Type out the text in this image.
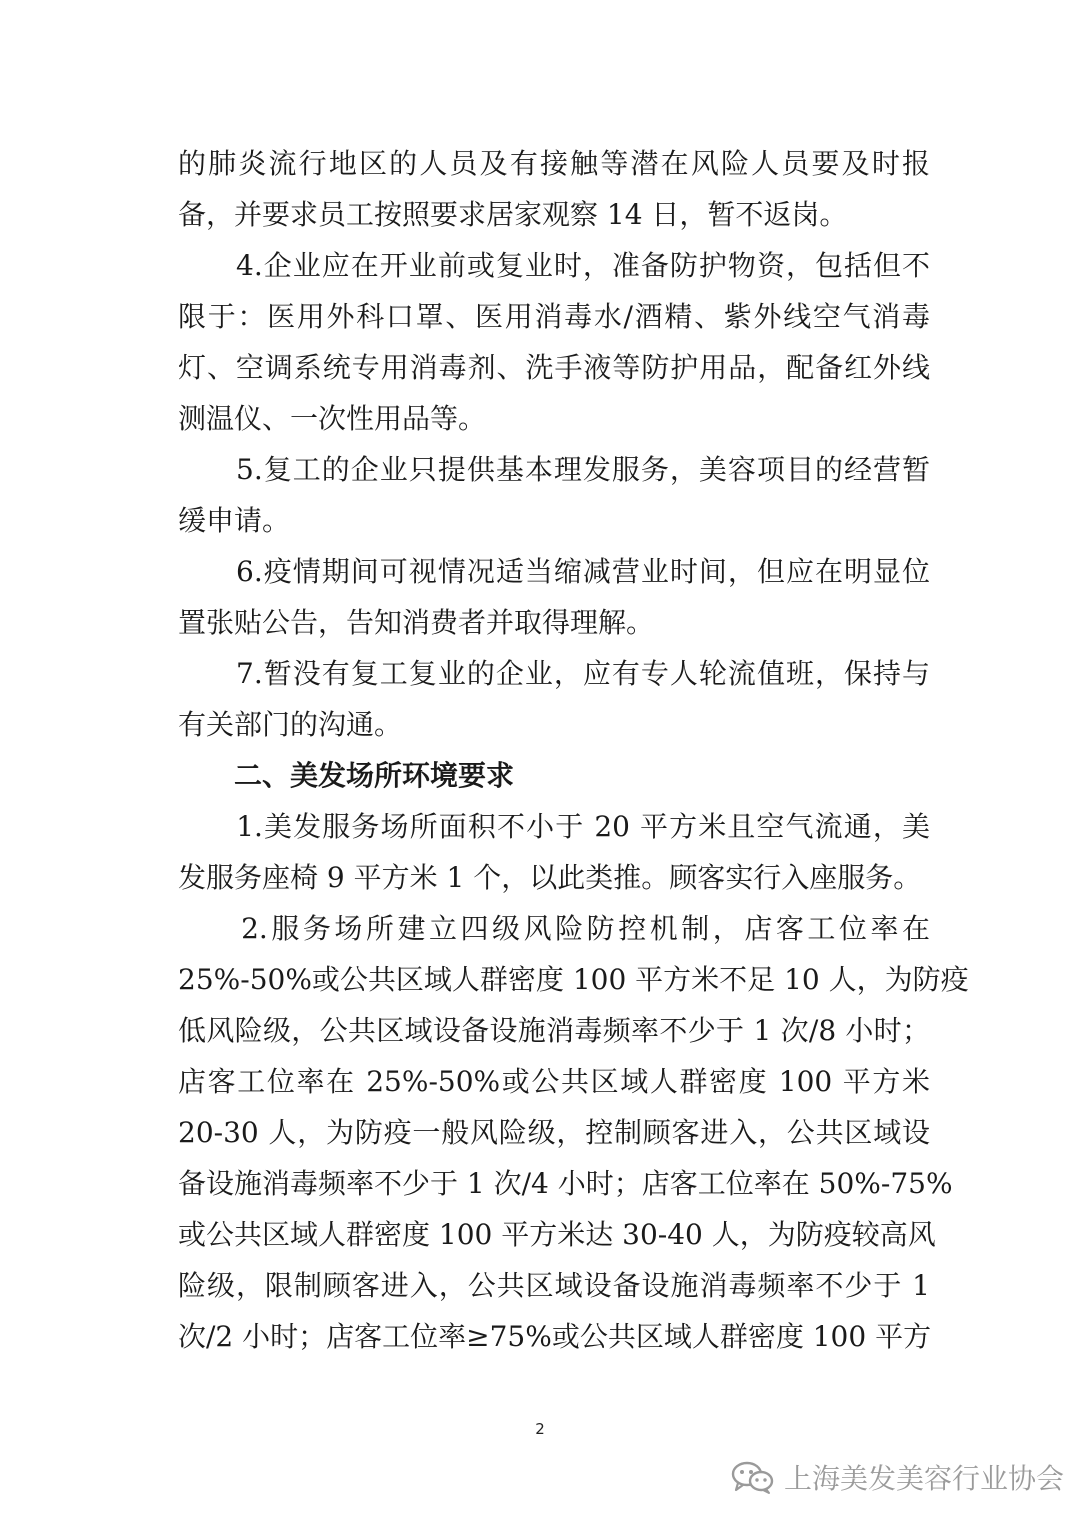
的肺炎流行地区的人员及有接触等潜在风险人员要及时报
备，并要求员工按照要求居家观察 14 日，暂不返岗。
　　4.企业应在开业前或复业时，准备防护物资，包括但不
限于：医用外科口罩、医用消毒水/酒精、紫外线空气消毒
灯、空调系统专用消毒剂、洗手液等防护用品，配备红外线
测温仪、一次性用品等。
　　5.复工的企业只提供基本理发服务，美容项目的经营暂
缓申请。
　　6.疫情期间可视情况适当缩减营业时间，但应在明显位
置张贴公告，告知消费者并取得理解。
　　7.暂没有复工复业的企业，应有专人轮流值班，保持与
有关部门的沟通。
　　二、美发场所环境要求
　　1.美发服务场所面积不小于 20 平方米且空气流通，美
发服务座椅 9 平方米 1 个，以此类推。顾客实行入座服务。
　　2.服务场所建立四级风险防控机制，店客工位率在
25%-50%或公共区域人群密度 100 平方米不足 10 人，为防疫
低风险级，公共区域设备设施消毒频率不少于 1 次/8 小时；
店客工位率在 25%-50%或公共区域人群密度 100 平方米
20-30 人，为防疫一般风险级，控制顾客进入，公共区域设
备设施消毒频率不少于 1 次/4 小时；店客工位率在 50%-75%
或公共区域人群密度 100 平方米达 30-40 人，为防疫较高风
险级，限制顾客进入，公共区域设备设施消毒频率不少于 1
次/2 小时；店客工位率≥75%或公共区域人群密度 100 平方
2
上海美发美容行业协会
